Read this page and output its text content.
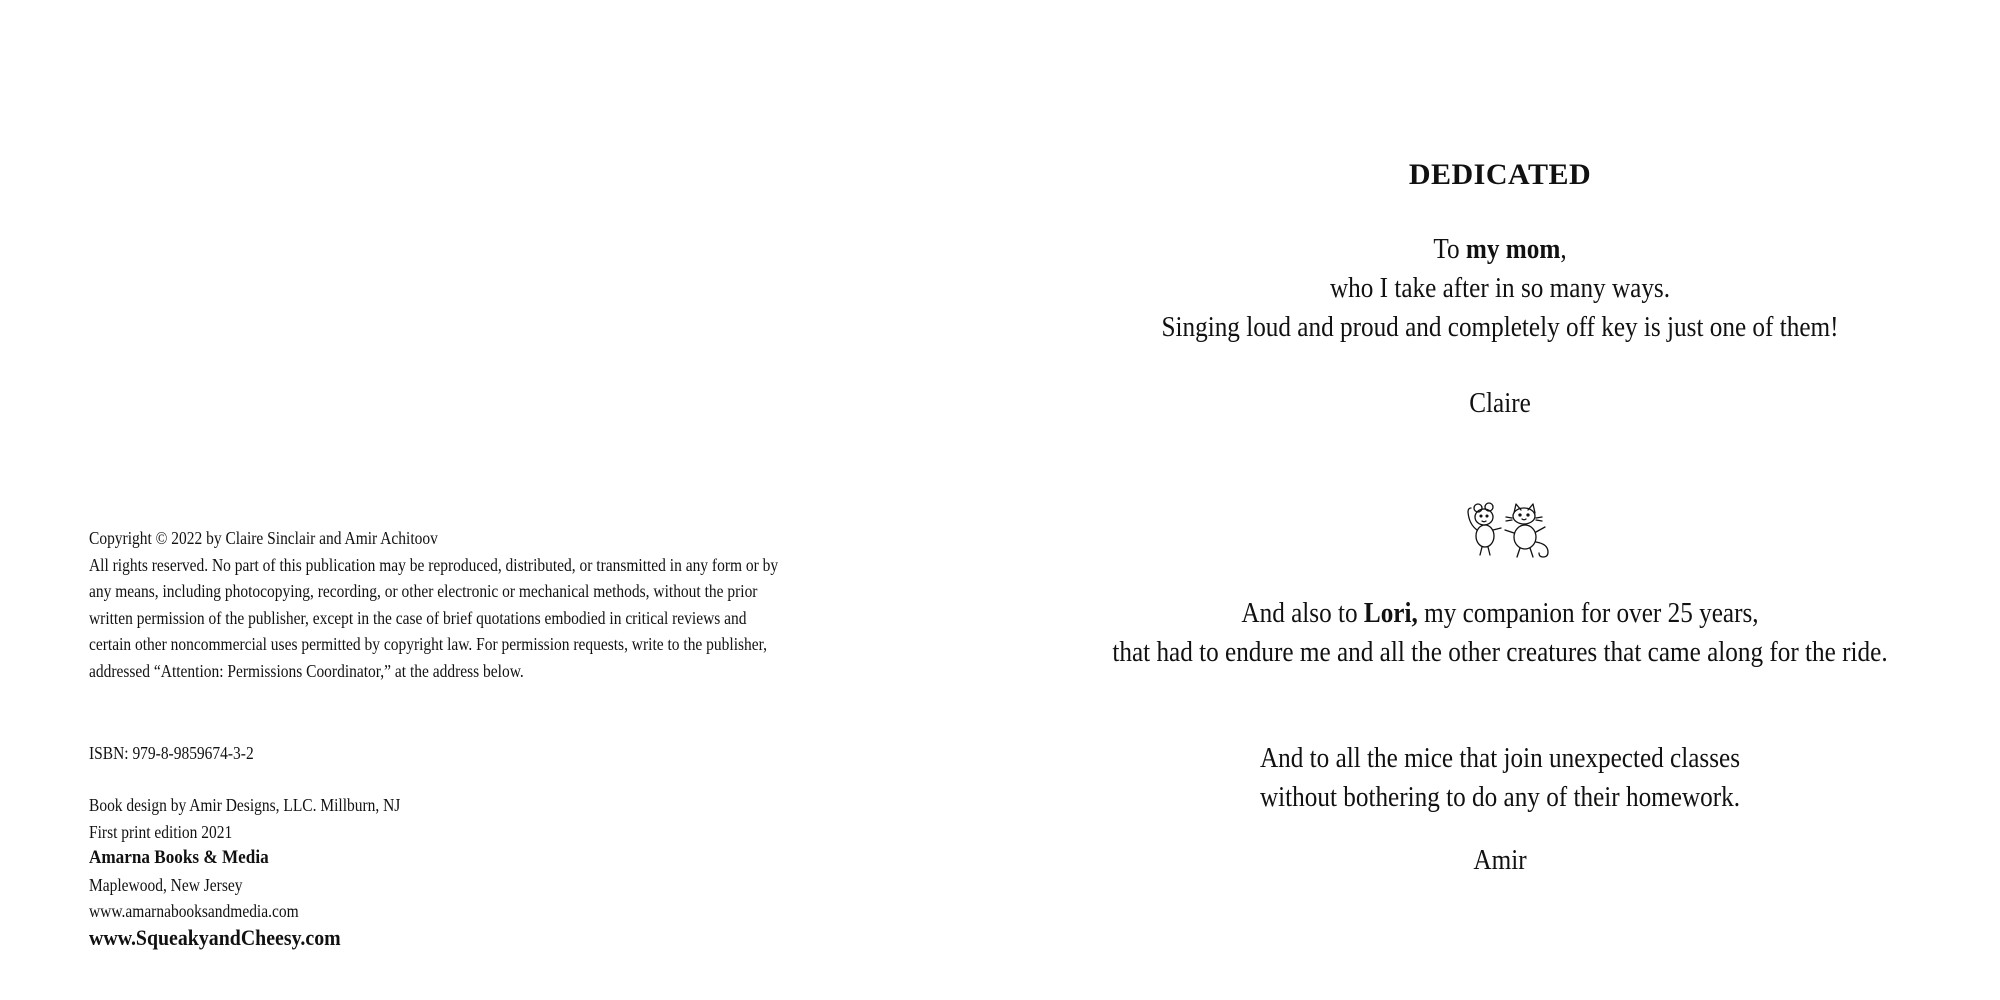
Copyright © 2022 by Claire Sinclair and Amir Achitoov

All rights reserved. No part of this publication may be reproduced, distributed, or transmitted in any form or by

any means, including photocopying, recording, or other electronic or mechanical methods, without the prior

written permission of the publisher, except in the case of brief quotations embodied in critical reviews and

certain other noncommercial uses permitted by copyright law. For permission requests, write to the publisher,

addressed “Attention: Permissions Coordinator,” at the address below.

ISBN: 979-8-9859674-3-2
Book design by Amir Designs, LLC. Millburn, NJ
First print edition 2021
Amarna Books & Media
Maplewood, New Jersey
www.amarnabooksandmedia.com
www.SqueakyandCheesy.com
DEDICATED
To my mom,
who I take after in so many ways.
Singing loud and proud and completely off key is just one of them!
Claire
And also to Lori, my companion for over 25 years,
that had to endure me and all the other creatures that came along for the ride.
And to all the mice that join unexpected classes
without bothering to do any of their homework.
Amir
